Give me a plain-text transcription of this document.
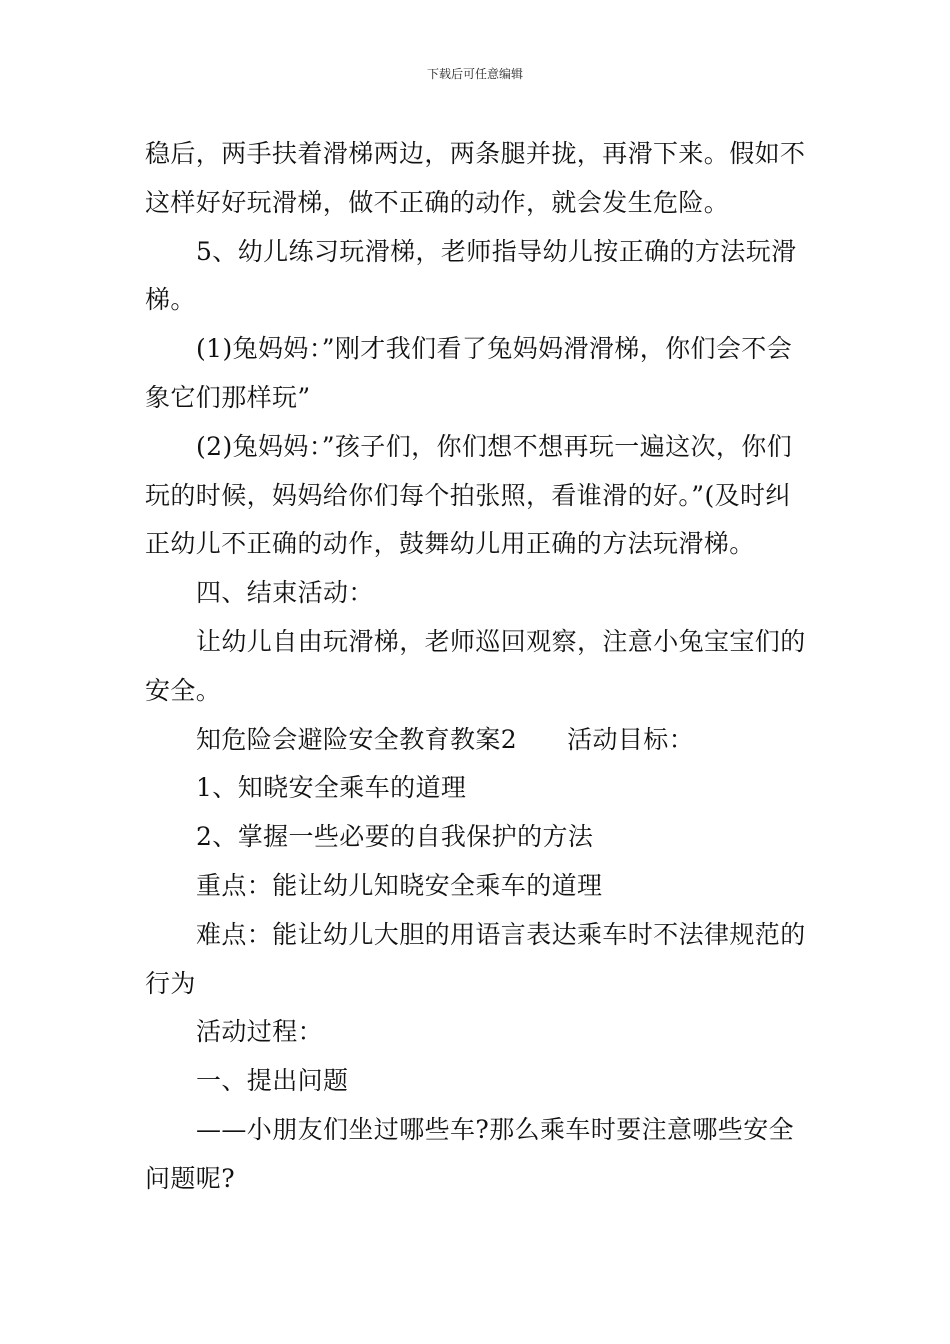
下载后可任意编辑

稳后，两手扶着滑梯两边，两条腿并拢，再滑下来。假如不这样好好玩滑梯，做不正确的动作，就会发生危险。

5、幼儿练习玩滑梯，老师指导幼儿按正确的方法玩滑梯。

(1)兔妈妈：”刚才我们看了兔妈妈滑滑梯，你们会不会象它们那样玩”

(2)兔妈妈：”孩子们，你们想不想再玩一遍这次，你们玩的时候，妈妈给你们每个拍张照，看谁滑的好。”(及时纠正幼儿不正确的动作，鼓舞幼儿用正确的方法玩滑梯。

四、结束活动：

让幼儿自由玩滑梯，老师巡回观察，注意小兔宝宝们的安全。

知危险会避险安全教育教案2 活动目标：

1、知晓安全乘车的道理

2、掌握一些必要的自我保护的方法

重点：能让幼儿知晓安全乘车的道理

难点：能让幼儿大胆的用语言表达乘车时不法律规范的行为

活动过程：

一、提出问题

——小朋友们坐过哪些车?那么乘车时要注意哪些安全问题呢?
